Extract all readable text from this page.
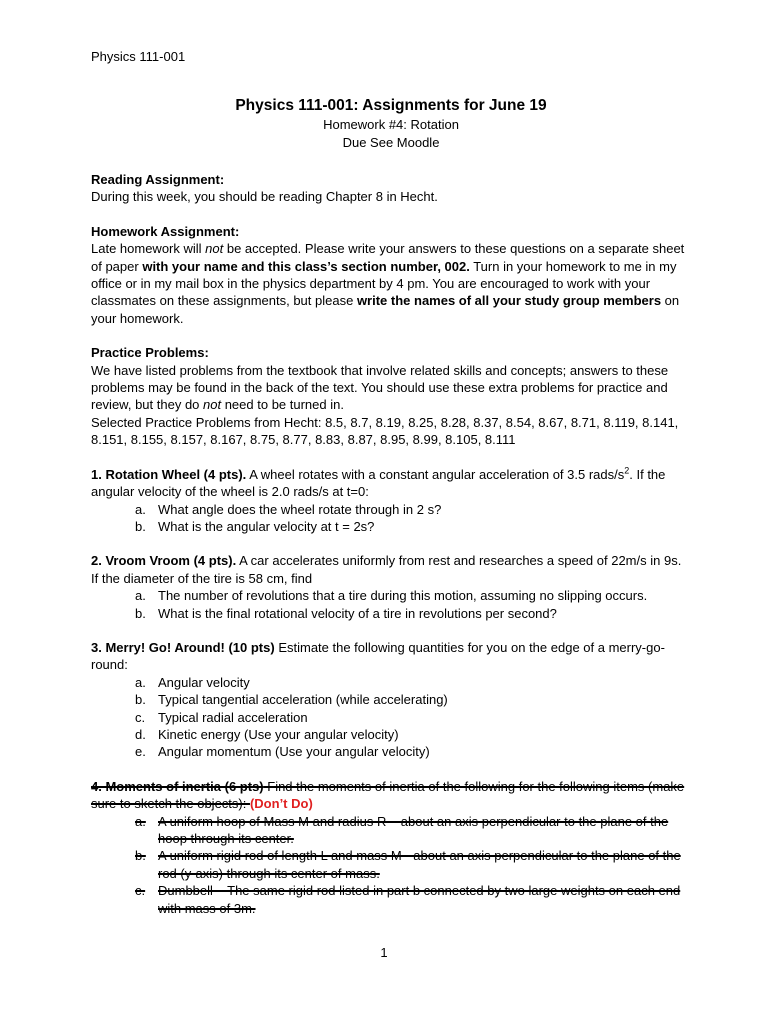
Physics 111-001
Physics 111-001: Assignments for June 19
Homework #4: Rotation
Due See Moodle

Reading Assignment:

During this week, you should be reading Chapter 8 in Hecht.

Homework Assignment:

Late homework will not be accepted. Please write your answers to these questions on a separate sheet of paper with your name and this class’s section number, 002. Turn in your homework to me in my office or in my mail box in the physics department by 4 pm. You are encouraged to work with your classmates on these assignments, but please write the names of all your study group members on your homework.

Practice Problems:

We have listed problems from the textbook that involve related skills and concepts; answers to these problems may be found in the back of the text. You should use these extra problems for practice and review, but they do not need to be turned in.

Selected Practice Problems from Hecht: 8.5, 8.7, 8.19, 8.25, 8.28, 8.37, 8.54, 8.67, 8.71, 8.119, 8.141, 8.151, 8.155, 8.157, 8.167, 8.75, 8.77, 8.83, 8.87, 8.95, 8.99, 8.105, 8.111

1. Rotation Wheel (4 pts). A wheel rotates with a constant angular acceleration of 3.5 rads/$s^2$. If the angular velocity of the wheel is 2.0 rads/s at t=0:

a. What angle does the wheel rotate through in 2 s?
b. What is the angular velocity at t = 2s?

2. Vroom Vroom (4 pts). A car accelerates uniformly from rest and researches a speed of 22m/s in 9s. If the diameter of the tire is 58 cm, find

a. The number of revolutions that a tire during this motion, assuming no slipping occurs.
b. What is the final rotational velocity of a tire in revolutions per second?

3. Merry! Go! Around! (10 pts) Estimate the following quantities for you on the edge of a merry-go-round:

a. Angular velocity
b. Typical tangential acceleration (while accelerating)
c. Typical radial acceleration
d. Kinetic energy (Use your angular velocity)
e. Angular momentum (Use your angular velocity)

4. Moments of inertia (6 pts) Find the moments of inertia of the following for the following items (make sure to sketch the objects): (Don’t Do)

a. A uniform hoop of Mass M and radius R – about an axis perpendicular to the plane of the hoop through its center.
b. A uniform rigid rod of length L and mass M - about an axis perpendicular to the plane of the rod (y-axis) through its center of mass.
c. Dumbbell – The same rigid rod listed in part b connected by two large weights on each end with mass of 3m.
1
